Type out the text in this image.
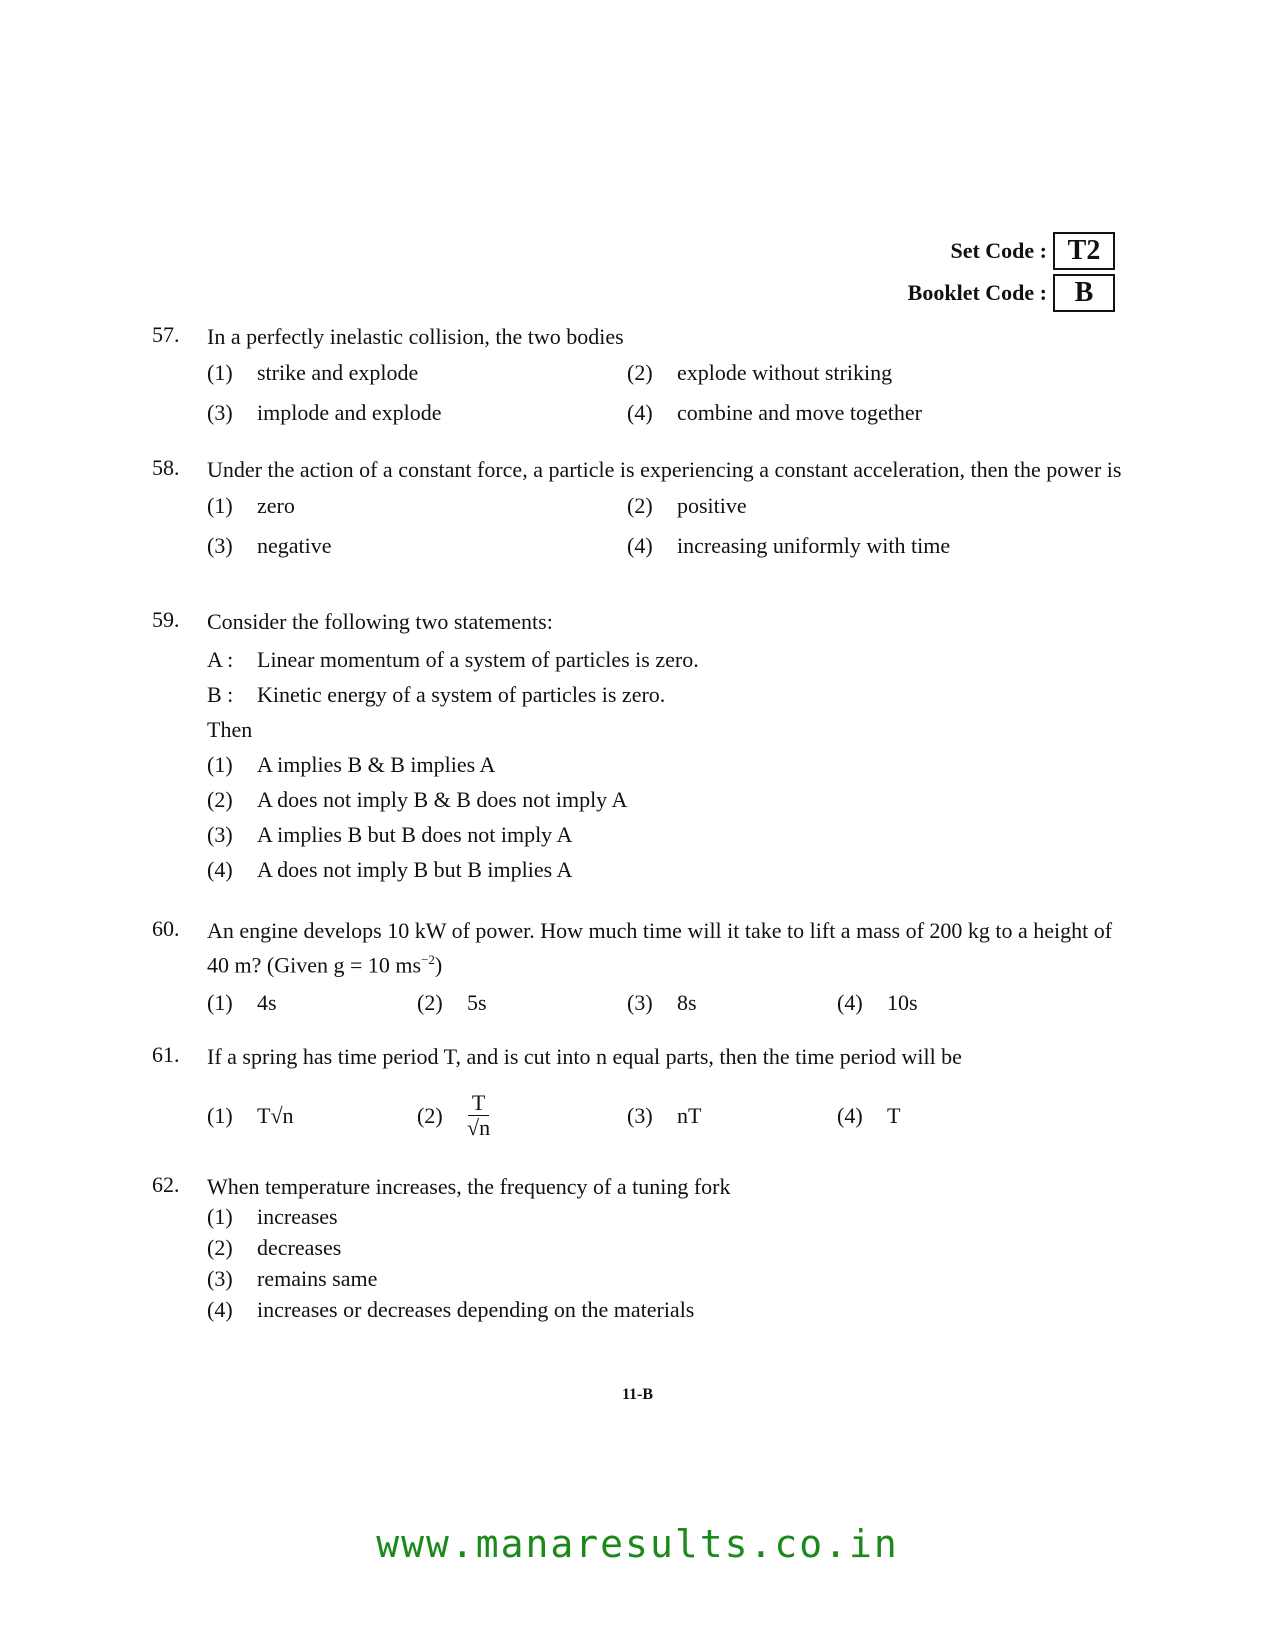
Set Code : T2
Booklet Code : B
57. In a perfectly inelastic collision, the two bodies
(1)	strike and explode	(2)	explode without striking
(3)	implode and explode	(4)	combine and move together
58. Under the action of a constant force, a particle is experiencing a constant acceleration, then the power is
(1)	zero	(2)	positive
(3)	negative	(4)	increasing uniformly with time
59. Consider the following two statements:
A :	Linear momentum of a system of particles is zero.
B :	Kinetic energy of a system of particles is zero.
Then
(1)	A implies B & B implies A
(2)	A does not imply B & B does not imply A
(3)	A implies B but B does not imply A
(4)	A does not imply B but B implies A
60. An engine develops 10 kW of power. How much time will it take to lift a mass of 200 kg to a height of 40 m? (Given g = 10 $ms^{-2}$)
(1)	4s	(2)	5s	(3)	8s	(4)	10s
61. If a spring has time period T, and is cut into n equal parts, then the time period will be
(1)	T√n	(2)	$\frac{T}{√n}$	(3)	nT	(4)	T
62. When temperature increases, the frequency of a tuning fork
(1)	increases
(2)	decreases
(3)	remains same
(4)	increases or decreases depending on the materials
11-B
www.manaresults.co.in
